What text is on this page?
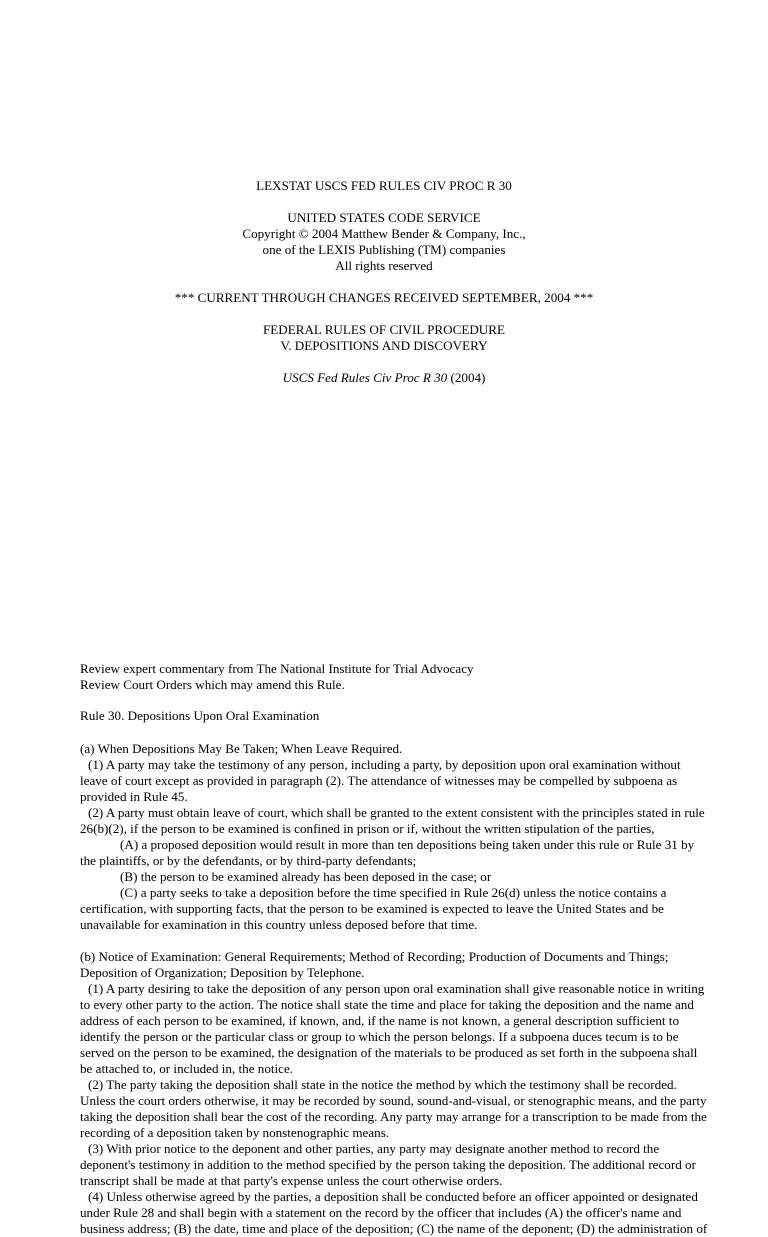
LEXSTAT USCS FED RULES CIV PROC R 30

UNITED STATES CODE SERVICE

Copyright © 2004 Matthew Bender & Company, Inc.,

one of the LEXIS Publishing (TM) companies

All rights reserved

*** CURRENT THROUGH CHANGES RECEIVED SEPTEMBER, 2004 ***

FEDERAL RULES OF CIVIL PROCEDURE

V. DEPOSITIONS AND DISCOVERY

USCS Fed Rules Civ Proc R 30 (2004)

Review expert commentary from The National Institute for Trial Advocacy

Review Court Orders which may amend this Rule.

Rule 30. Depositions Upon Oral Examination

(a) When Depositions May Be Taken; When Leave Required.

(1) A party may take the testimony of any person, including a party, by deposition upon oral examination without leave of court except as provided in paragraph (2). The attendance of witnesses may be compelled by subpoena as provided in Rule 45.

(2) A party must obtain leave of court, which shall be granted to the extent consistent with the principles stated in rule 26(b)(2), if the person to be examined is confined in prison or if, without the written stipulation of the parties,

(A) a proposed deposition would result in more than ten depositions being taken under this rule or Rule 31 by the plaintiffs, or by the defendants, or by third-party defendants;

(B) the person to be examined already has been deposed in the case; or

(C) a party seeks to take a deposition before the time specified in Rule 26(d) unless the notice contains a certification, with supporting facts, that the person to be examined is expected to leave the United States and be unavailable for examination in this country unless deposed before that time.

(b) Notice of Examination: General Requirements; Method of Recording; Production of Documents and Things; Deposition of Organization; Deposition by Telephone.

(1) A party desiring to take the deposition of any person upon oral examination shall give reasonable notice in writing to every other party to the action. The notice shall state the time and place for taking the deposition and the name and address of each person to be examined, if known, and, if the name is not known, a general description sufficient to identify the person or the particular class or group to which the person belongs. If a subpoena duces tecum is to be served on the person to be examined, the designation of the materials to be produced as set forth in the subpoena shall be attached to, or included in, the notice.

(2) The party taking the deposition shall state in the notice the method by which the testimony shall be recorded. Unless the court orders otherwise, it may be recorded by sound, sound-and-visual, or stenographic means, and the party taking the deposition shall bear the cost of the recording. Any party may arrange for a transcription to be made from the recording of a deposition taken by nonstenographic means.

(3) With prior notice to the deponent and other parties, any party may designate another method to record the deponent's testimony in addition to the method specified by the person taking the deposition. The additional record or transcript shall be made at that party's expense unless the court otherwise orders.

(4) Unless otherwise agreed by the parties, a deposition shall be conducted before an officer appointed or designated under Rule 28 and shall begin with a statement on the record by the officer that includes (A) the officer's name and business address; (B) the date, time and place of the deposition; (C) the name of the deponent; (D) the administration of
